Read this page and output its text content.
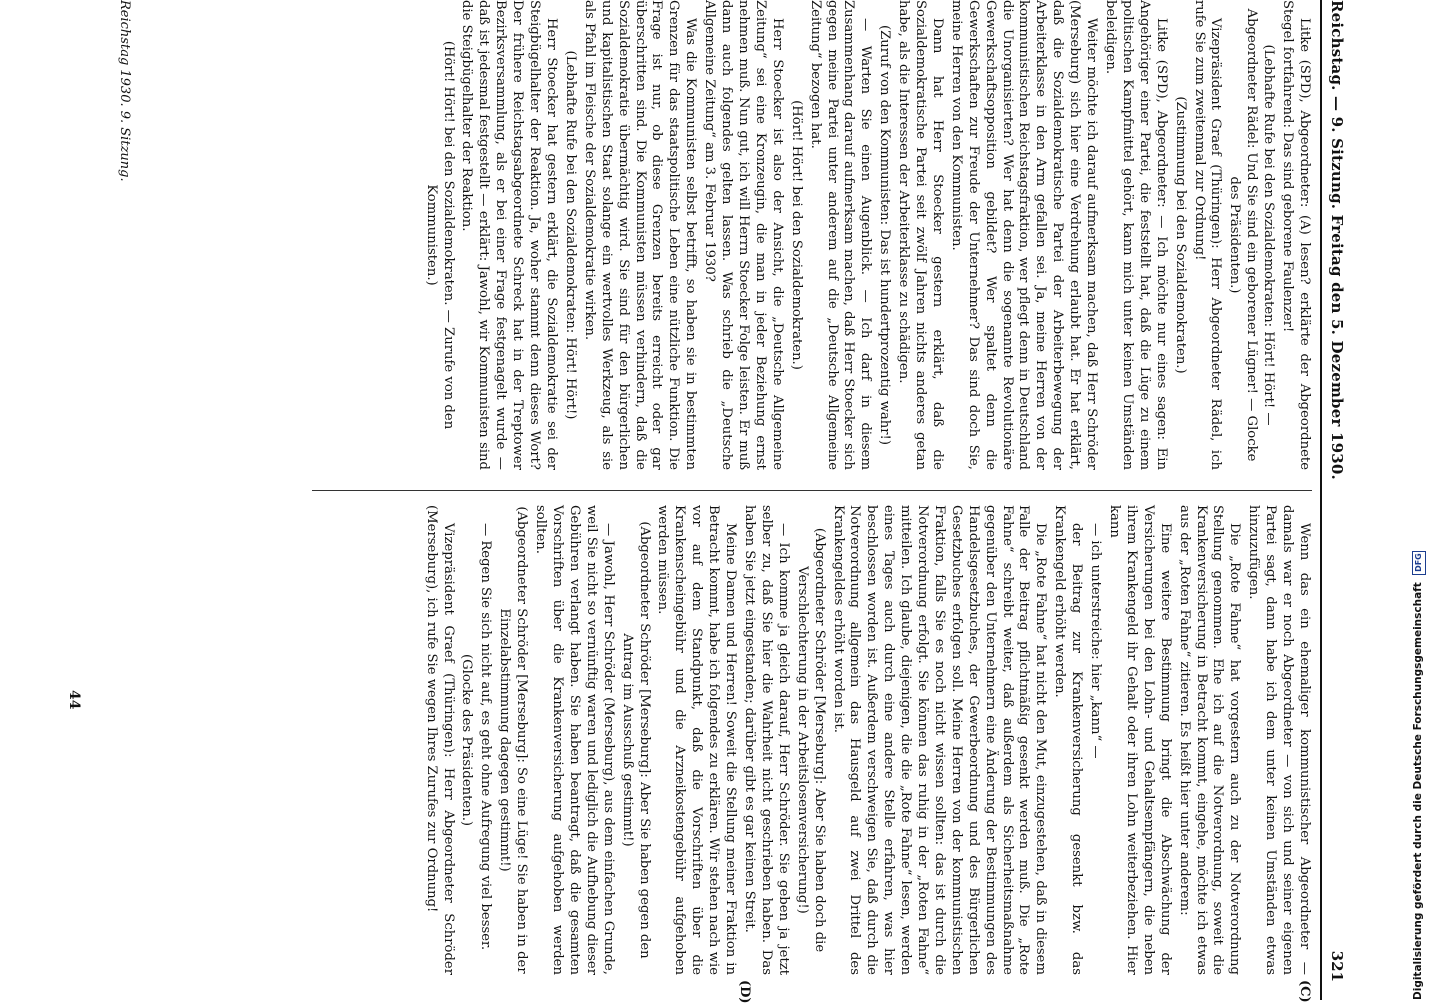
Reichstag. — 9. Sitzung. Freitag den 5. Dezember 1930.
321
(C)
(D)

Litke (SPD), Abgeordneter: (A) lesen? erklärte der Abgeordnete Stegel fortfahrend: Das sind geborene Faulenzer!

(Lebhafte Rufe bei den Sozialdemokraten: Hört! Hört! — Abgeordneter Rädel: Und Sie sind ein geborener Lügner! — Glocke des Präsidenten.)

Vizepräsident Graef (Thüringen): Herr Abgeordneter Rädel, ich rufe Sie zum zweitenmal zur Ordnung!

(Zustimmung bei den Sozialdemokraten.)

Litke (SPD), Abgeordneter: — Ich möchte nur eines sagen: Ein Angehöriger einer Partei, die feststellt hat, daß die Lüge zu einem politischen Kampfmittel gehört, kann mich unter keinen Umständen beleidigen.

Weiter möchte ich darauf aufmerksam machen, daß Herr Schröder (Merseburg) sich hier eine Verdrehung erlaubt hat. Er hat erklärt, daß die Sozialdemokratische Partei der Arbeiterbewegung der Arbeiterklasse in den Arm gefallen sei. Ja, meine Herren von der kommunistischen Reichstagsfraktion, wer pflegt denn in Deutschland die Unorganisierten? Wer hat denn die sogenannte Revolutionäre Gewerkschaftsopposition gebildet? Wer spaltet denn die Gewerkschaften zur Freude der Unternehmer? Das sind doch Sie, meine Herren von den Kommunisten.

Dann hat Herr Stoecker gestern erklärt, daß die Sozialdemokratische Partei seit zwölf Jahren nichts anderes getan habe, als die Interessen der Arbeiterklasse zu schädigen.

(Zuruf von den Kommunisten: Das ist hundertprozentig wahr!)

— Warten Sie einen Augenblick. — Ich darf in diesem Zusammenhang darauf aufmerksam machen, daß Herr Stoecker sich gegen meine Partei unter anderem auf die „Deutsche Allgemeine Zeitung“ bezogen hat.

(Hört! Hört! bei den Sozialdemokraten.)

Herr Stoecker ist also der Ansicht, die „Deutsche Allgemeine Zeitung“ sei eine Kronzeugin, die man in jeder Beziehung ernst nehmen muß. Nun gut, ich will Herrn Stoecker Folge leisten. Er muß dann auch folgendes gelten lassen. Was schrieb die „Deutsche Allgemeine Zeitung“ am 3. Februar 1930?

Was die Kommunisten selbst betrifft, so haben sie in bestimmten Grenzen für das staatspolitische Leben eine nützliche Funktion. Die Frage ist nur, ob diese Grenzen bereits erreicht oder gar überschritten sind. Die Kommunisten müssen verhindern, daß die Sozialdemokratie übermächtig wird. Sie sind für den bürgerlichen und kapitalistischen Staat solange ein wertvolles Werkzeug, als sie als Pfahl im Fleische der Sozialdemokratie wirken.

(Lebhafte Rufe bei den Sozialdemokraten: Hört! Hört!)

Herr Stoecker hat gestern erklärt, die Sozialdemokratie sei der Steigbügelhalter der Reaktion. Ja, woher stammt denn dieses Wort? Der frühere Reichstagsabgeordnete Schreck hat in der Treptower Bezirksversammlung, als er bei einer Frage festgenagelt wurde — daß ist jedesmal festgestellt — erklärt: Jawohl, wir Kommunisten sind die Steigbügelhalter der Reaktion.

(Hört! Hört! bei den Sozialdemokraten. — Zurufe von den Kommunisten.)

Wenn das ein ehemaliger kommunistischer Abgeordneter — damals war er noch Abgeordneter — von sich und seiner eigenen Partei sagt, dann habe ich dem unter keinen Umständen etwas hinzuzufügen.

Die „Rote Fahne“ hat vorgestern auch zu der Notverordnung Stellung genommen. Ehe ich auf die Notverordnung, soweit die Krankenversicherung in Betracht kommt, eingehe, möchte ich etwas aus der „Roten Fahne“ zitieren. Es heißt hier unter anderem:

Eine weitere Bestimmung bringt die Abschwächung der Versicherungen bei den Lohn- und Gehaltsempfängern, die neben ihrem Krankengeld ihr Gehalt oder ihren Lohn weiterbeziehen. Hier kann

— ich unterstreiche: hier „kann“ —

der Beitrag zur Krankenversicherung gesenkt bzw. das Krankengeld erhöht werden.

Die „Rote Fahne“ hat nicht den Mut, einzugestehen, daß in diesem Falle der Beitrag pflichtmäßig gesenkt werden muß. Die „Rote Fahne“ schreibt weiter, daß außerdem als Sicherheitsmaßnahme gegenüber den Unternehmern eine Änderung der Bestimmungen des Handelsgesetzbuches, der Gewerbeordnung und des Bürgerlichen Gesetzbuches erfolgen soll. Meine Herren von der kommunistischen Fraktion, falls Sie es noch nicht wissen sollten: das ist durch die Notverordnung erfolgt. Sie können das ruhig in der „Roten Fahne“ mitteilen. Ich glaube, diejenigen, die die „Rote Fahne“ lesen, werden eines Tages auch durch eine andere Stelle erfahren, was hier beschlossen worden ist. Außerdem verschweigen Sie, daß durch die Notverordnung allgemein das Hausgeld auf zwei Drittel des Krankengeldes erhöht worden ist.

(Abgeordneter Schröder [Merseburg]: Aber Sie haben doch die Verschlechterung in der Arbeitslosenversicherung!)

— Ich komme ja gleich darauf, Herr Schröder. Sie geben ja jetzt selber zu, daß Sie hier die Wahrheit nicht geschrieben haben. Das haben Sie jetzt eingestanden; darüber gibt es gar keinen Streit.

Meine Damen und Herren! Soweit die Stellung meiner Fraktion in Betracht kommt, habe ich folgendes zu erklären. Wir stehen nach wie vor auf dem Standpunkt, daß die Vorschriften über die Krankenscheingebühr und die Arzneikostengebühr aufgehoben werden müssen.

(Abgeordneter Schröder [Merseburg]: Aber Sie haben gegen den Antrag im Ausschuß gestimmt!)

— Jawohl, Herr Schröder (Merseburg), aus dem einfachen Grunde, weil Sie nicht so vernünftig waren und lediglich die Aufhebung dieser Gebühren verlangt haben. Sie haben beantragt, daß die gesamten Vorschriften über die Krankenversicherung aufgehoben werden sollten.

(Abgeordneter Schröder [Merseburg]: So eine Lüge! Sie haben in der Einzelabstimmung dagegen gestimmt!)

— Regen Sie sich nicht auf, es geht ohne Aufregung viel besser.

(Glocke des Präsidenten.)

Vizepräsident Graef (Thüringen): Herr Abgeordneter Schröder (Merseburg), ich rufe Sie wegen Ihres Zurufes zur Ordnung!

Reichstag 1930. 9. Sitzung.
44	Digitalisierung gefördert durch die Deutsche Forschungsgemeinschaft DFG
